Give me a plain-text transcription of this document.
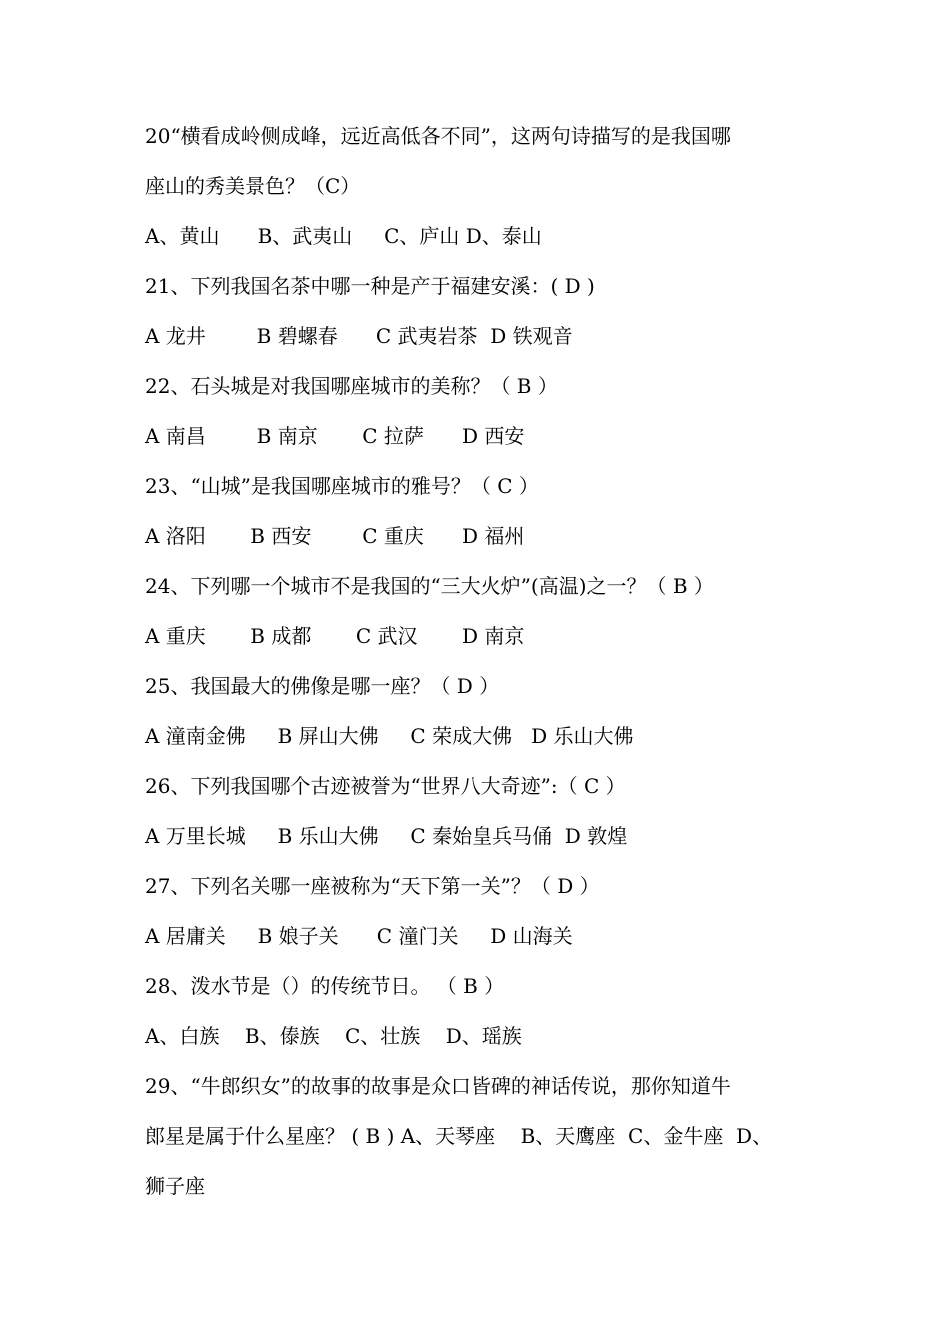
20“横看成岭侧成峰，远近高低各不同”，这两句诗描写的是我国哪
座山的秀美景色？（C）
A、黄山      B、武夷山     C、庐山 D、泰山
21、下列我国名茶中哪一种是产于福建安溪：( D )
A 龙井        B 碧螺春      C 武夷岩茶  D 铁观音
22、石头城是对我国哪座城市的美称？（ B ）
A 南昌        B 南京       C 拉萨      D 西安
23、“山城”是我国哪座城市的雅号？（ C ）
A 洛阳       B 西安        C 重庆      D 福州
24、下列哪一个城市不是我国的“三大火炉”(高温)之一？（ B ）
A 重庆       B 成都       C 武汉       D 南京
25、我国最大的佛像是哪一座？（ D ）
A 潼南金佛     B 屏山大佛     C 荣成大佛   D 乐山大佛
26、下列我国哪个古迹被誉为“世界八大奇迹”:（ C ）
A 万里长城     B 乐山大佛     C 秦始皇兵马俑  D 敦煌
27、下列名关哪一座被称为“天下第一关”？（ D ）
A 居庸关     B 娘子关      C 潼门关     D 山海关
28、泼水节是（）的传统节日。 （ B ）
A、白族    B、傣族    C、壮族    D、瑶族
29、“牛郎织女”的故事的故事是众口皆碑的神话传说，那你知道牛
郎星是属于什么星座？ ( B ) A、天琴座    B、天鹰座  C、金牛座  D、
狮子座
